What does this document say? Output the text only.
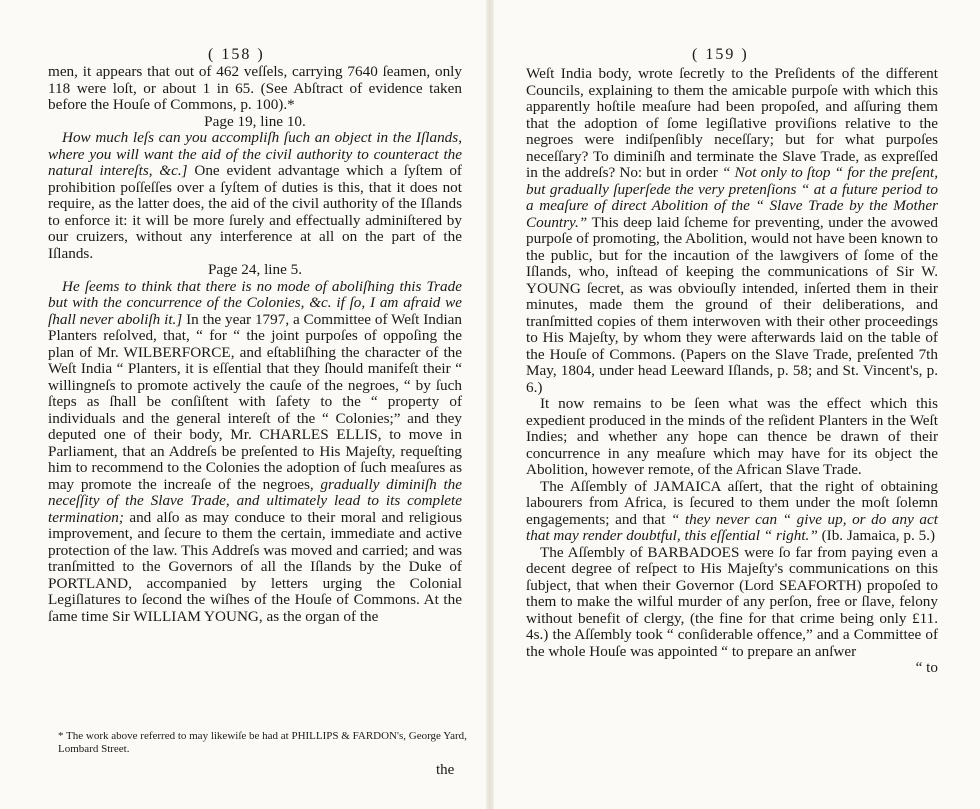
( 158 )

men, it appears that out of 462 veſſels, carrying 7640 ſeamen, only 118 were loſt, or about 1 in 65. (See Abſtract of evidence taken before the Houſe of Commons, p. 100).*

Page 19, line 10.

How much leſs can you accompliſh ſuch an object in the Iſlands, where you will want the aid of the civil authority to counteract the natural intereſts, &c.] One evident advantage which a ſyſtem of prohibition poſſeſſes over a ſyſtem of duties is this, that it does not require, as the latter does, the aid of the civil authority of the Iſlands to enforce it: it will be more ſurely and effectually adminiſtered by our cruizers, without any interference at all on the part of the Iſlands.

Page 24, line 5.

He ſeems to think that there is no mode of aboliſhing this Trade but with the concurrence of the Colonies, &c. if ſo, I am afraid we ſhall never aboliſh it.] In the year 1797, a Committee of Weſt Indian Planters reſolved, that, “ for “ the joint purpoſes of oppoſing the plan of Mr. WILBERFORCE, and eſtabliſhing the character of the Weſt India “ Planters, it is eſſential that they ſhould manifeſt their “ willingneſs to promote actively the cauſe of the negroes, “ by ſuch ſteps as ſhall be conſiſtent with ſafety to the “ property of individuals and the general intereſt of the “ Colonies;” and they deputed one of their body, Mr. CHARLES ELLIS, to move in Parliament, that an Addreſs be preſented to His Majeſty, requeſting him to recommend to the Colonies the adoption of ſuch meaſures as may promote the increaſe of the negroes, gradually diminiſh the neceſſity of the Slave Trade, and ultimately lead to its complete termination; and alſo as may conduce to their moral and religious improvement, and ſecure to them the certain, immediate and active protection of the law. This Addreſs was moved and carried; and was tranſmitted to the Governors of all the Iſlands by the Duke of PORTLAND, accompanied by letters urging the Colonial Legiſlatures to ſecond the wiſhes of the Houſe of Commons. At the ſame time Sir WILLIAM YOUNG, as the organ of the

* The work above referred to may likewiſe be had at PHILLIPS & FARDON's, George Yard, Lombard Street.
the
( 159 )

Weſt India body, wrote ſecretly to the Preſidents of the different Councils, explaining to them the amicable purpoſe with which this apparently hoſtile meaſure had been propoſed, and aſſuring them that the adoption of ſome legiſlative proviſions relative to the negroes were indiſpenſibly neceſſary; but for what purpoſes neceſſary? To diminiſh and terminate the Slave Trade, as expreſſed in the addreſs? No: but in order “ Not only to ſtop “ for the preſent, but gradually ſuperſede the very pretenſions “ at a future period to a meaſure of direct Abolition of the “ Slave Trade by the Mother Country.” This deep laid ſcheme for preventing, under the avowed purpoſe of promoting, the Abolition, would not have been known to the public, but for the incaution of the lawgivers of ſome of the Iſlands, who, inſtead of keeping the communications of Sir W. YOUNG ſecret, as was obviouſly intended, inſerted them in their minutes, made them the ground of their deliberations, and tranſmitted copies of them interwoven with their other proceedings to His Majeſty, by whom they were afterwards laid on the table of the Houſe of Commons. (Papers on the Slave Trade, preſented 7th May, 1804, under head Leeward Iſlands, p. 58; and St. Vincent's, p. 6.)

It now remains to be ſeen what was the effect which this expedient produced in the minds of the reſident Planters in the Weſt Indies; and whether any hope can thence be drawn of their concurrence in any meaſure which may have for its object the Abolition, however remote, of the African Slave Trade.

The Aſſembly of JAMAICA aſſert, that the right of obtaining labourers from Africa, is ſecured to them under the moſt ſolemn engagements; and that “ they never can “ give up, or do any act that may render doubtful, this eſſential “ right.” (Ib. Jamaica, p. 5.)

The Aſſembly of BARBADOES were ſo far from paying even a decent degree of reſpect to His Majeſty's communications on this ſubject, that when their Governor (Lord SEAFORTH) propoſed to them to make the wilful murder of any perſon, free or ſlave, felony without benefit of clergy, (the fine for that crime being only £11. 4s.) the Aſſembly took “ conſiderable offence,” and a Committee of the whole Houſe was appointed “ to prepare an anſwer

“ to
